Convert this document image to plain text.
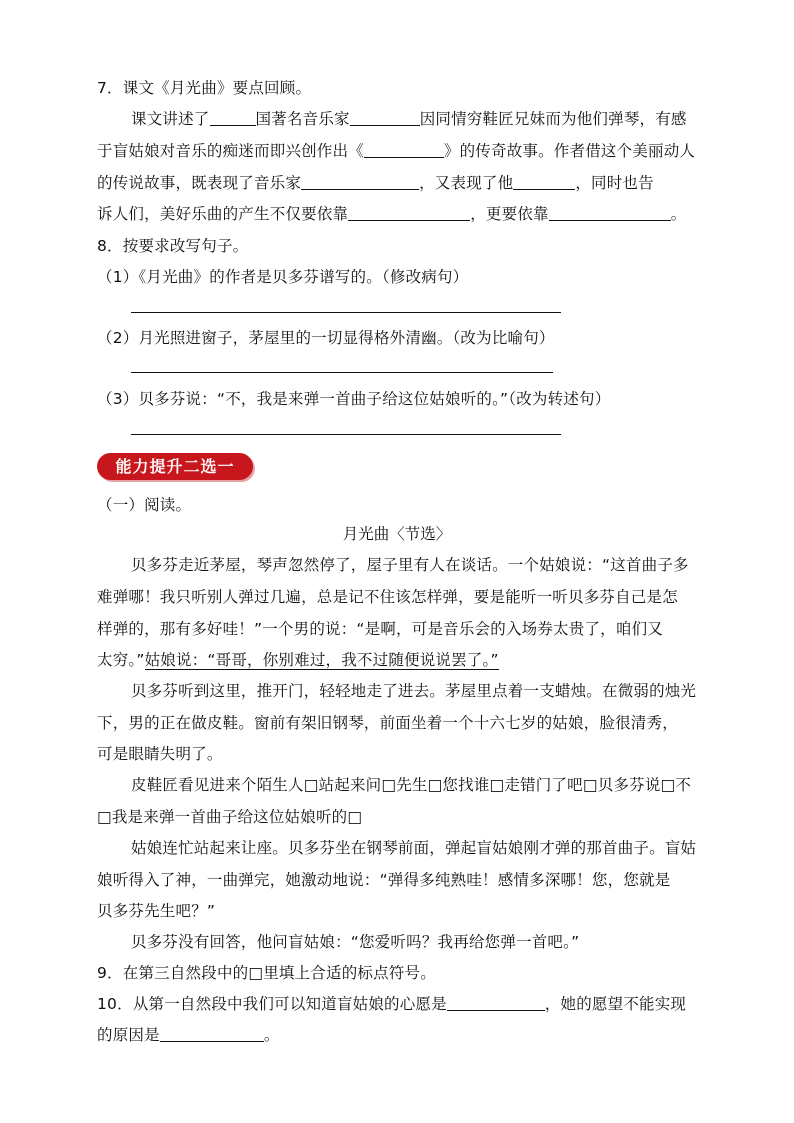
7．课文《月光曲》要点回顾。
课文讲述了	国著名音乐家	因同情穷鞋匠兄妹而为他们弹琴，有感
于盲姑娘对音乐的痴迷而即兴创作出《	》的传奇故事。作者借这个美丽动人
的传说故事，既表现了音乐家	，又表现了他	，同时也告
诉人们，美好乐曲的产生不仅要依靠	，更要依靠	。
8．按要求改写句子。
（1）《月光曲》的作者是贝多芬谱写的。（修改病句）
（2）月光照进窗子，茅屋里的一切显得格外清幽。（改为比喻句）
（3）贝多芬说：“不，我是来弹一首曲子给这位姑娘听的。”（改为转述句）
能力提升二选一
（一）阅读。
月光曲〈节选〉
贝多芬走近茅屋，琴声忽然停了，屋子里有人在谈话。一个姑娘说：“这首曲子多
难弹哪！我只听别人弹过几遍，总是记不住该怎样弹，要是能听一听贝多芬自己是怎
样弹的，那有多好哇！”一个男的说：“是啊，可是音乐会的入场券太贵了，咱们又
太穷。”姑娘说：“哥哥，你别难过，我不过随便说说罢了。”
贝多芬听到这里，推开门，轻轻地走了进去。茅屋里点着一支蜡烛。在微弱的烛光
下，男的正在做皮鞋。窗前有架旧钢琴，前面坐着一个十六七岁的姑娘，脸很清秀，
可是眼睛失明了。
皮鞋匠看见进来个陌生人□站起来问□先生□您找谁□走错门了吧□贝多芬说□不
□我是来弹一首曲子给这位姑娘听的□
姑娘连忙站起来让座。贝多芬坐在钢琴前面，弹起盲姑娘刚才弹的那首曲子。盲姑
娘听得入了神，一曲弹完，她激动地说：“弹得多纯熟哇！感情多深哪！您，您就是
贝多芬先生吧？”
贝多芬没有回答，他问盲姑娘：“您爱听吗？我再给您弹一首吧。”
9．在第三自然段中的□里填上合适的标点符号。
10．从第一自然段中我们可以知道盲姑娘的心愿是	，她的愿望不能实现
的原因是	。
